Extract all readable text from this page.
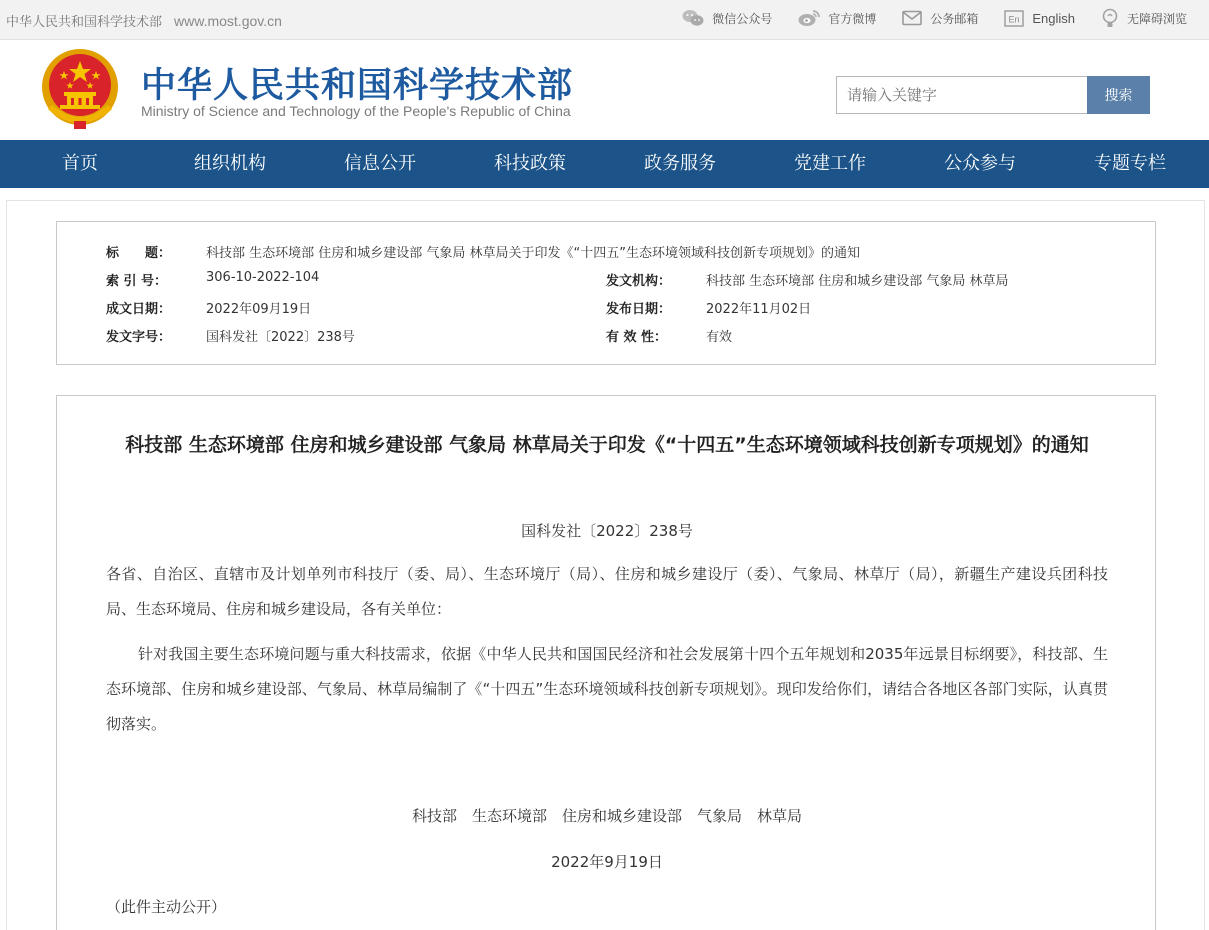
中华人民共和国科学技术部 www.most.gov.cn	微信公众号	官方微博	公务邮箱	En English	无障碍浏览
中华人民共和国科学技术部
Ministry of Science and Technology of the People's Republic of China
请输入关键字
搜索
首页	组织机构	信息公开	科技政策	政务服务	党建工作	公众参与	专题专栏
标　　题：	科技部 生态环境部 住房和城乡建设部 气象局 林草局关于印发《“十四五”生态环境领域科技创新专项规划》的通知
索 引 号：	306-10-2022-104	发文机构：	科技部 生态环境部 住房和城乡建设部 气象局 林草局
成文日期：	2022年09月19日	发布日期：	2022年11月02日
发文字号：	国科发社〔2022〕238号	有 效 性：	有效
科技部 生态环境部 住房和城乡建设部 气象局 林草局关于印发《“十四五”生态环境领域科技创新专项规划》的通知
国科发社〔2022〕238号
各省、自治区、直辖市及计划单列市科技厅（委、局）、生态环境厅（局）、住房和城乡建设厅（委）、气象局、林草厅（局），新疆生产建设兵团科技局、生态环境局、住房和城乡建设局，各有关单位：
针对我国主要生态环境问题与重大科技需求，依据《中华人民共和国国民经济和社会发展第十四个五年规划和2035年远景目标纲要》，科技部、生态环境部、住房和城乡建设部、气象局、林草局编制了《“十四五”生态环境领域科技创新专项规划》。现印发给你们，请结合各地区各部门实际，认真贯彻落实。
科技部　生态环境部　住房和城乡建设部　气象局　林草局
2022年9月19日
（此件主动公开）
